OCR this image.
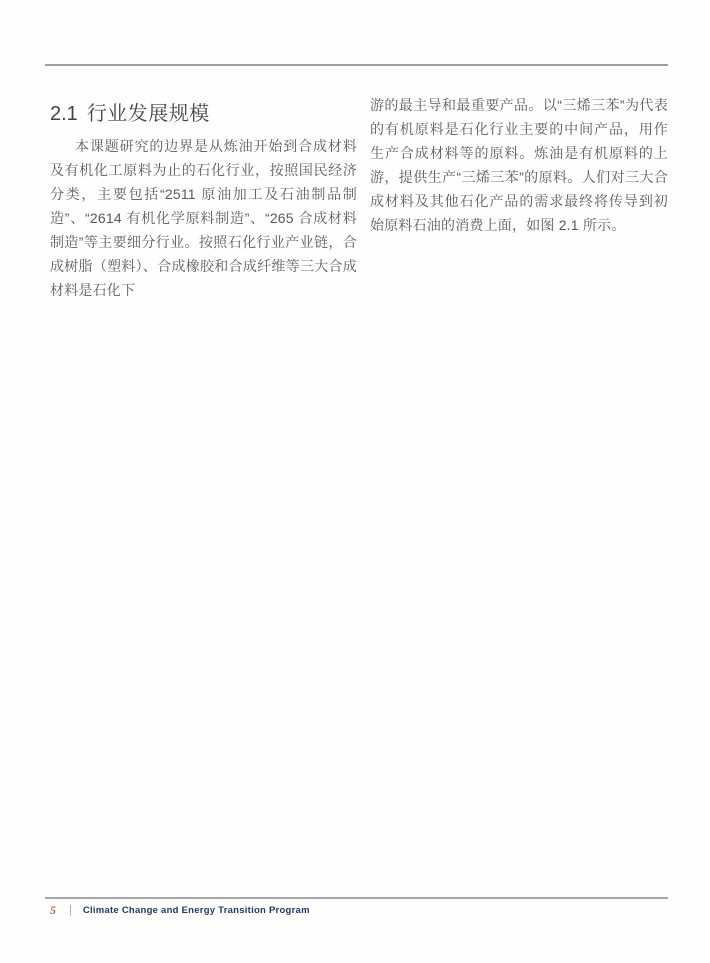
2.1 行业发展规模

本课题研究的边界是从炼油开始到合成材料及有机化工原料为止的石化行业，按照国民经济分类，主要包括“2511 原油加工及石油制品制造”、“2614 有机化学原料制造”、“265 合成材料制造”等主要细分行业。按照石化行业产业链，合成树脂（塑料）、合成橡胶和合成纤维等三大合成材料是石化下

游的最主导和最重要产品。以“三烯三苯”为代表的有机原料是石化行业主要的中间产品，用作生产合成材料等的原料。炼油是有机原料的上游，提供生产“三烯三苯”的原料。人们对三大合成材料及其他石化产品的需求最终将传导到初始原料石油的消费上面，如图 2.1 所示。

5 | Climate Change and Energy Transition Program
